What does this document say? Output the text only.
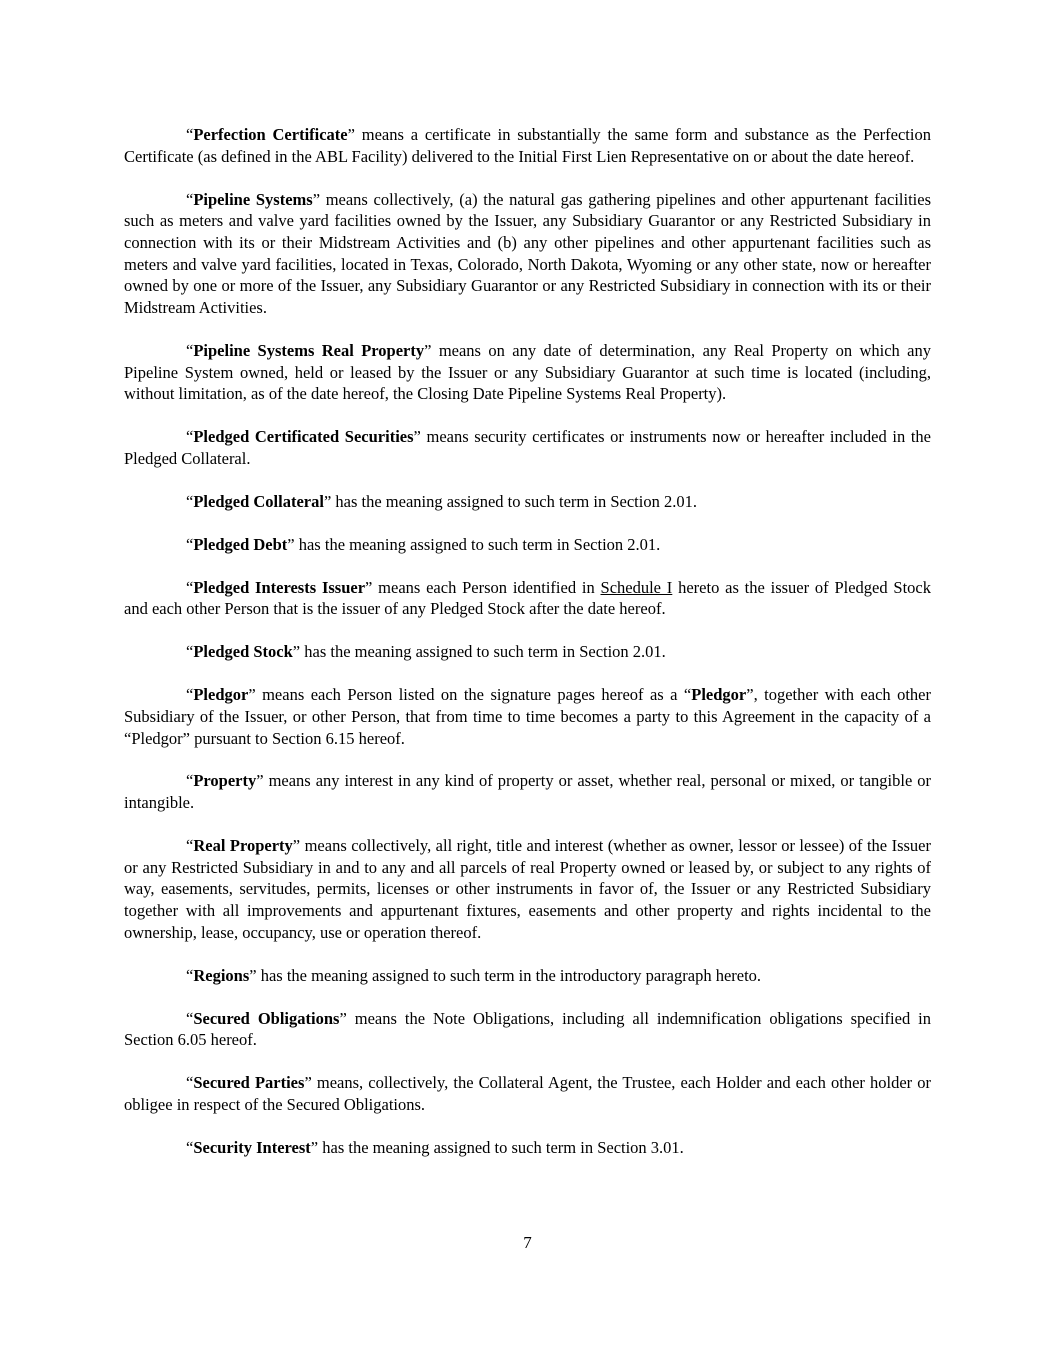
“Perfection Certificate” means a certificate in substantially the same form and substance as the Perfection Certificate (as defined in the ABL Facility) delivered to the Initial First Lien Representative on or about the date hereof.

“Pipeline Systems” means collectively, (a) the natural gas gathering pipelines and other appurtenant facilities such as meters and valve yard facilities owned by the Issuer, any Subsidiary Guarantor or any Restricted Subsidiary in connection with its or their Midstream Activities and (b) any other pipelines and other appurtenant facilities such as meters and valve yard facilities, located in Texas, Colorado, North Dakota, Wyoming or any other state, now or hereafter owned by one or more of the Issuer, any Subsidiary Guarantor or any Restricted Subsidiary in connection with its or their Midstream Activities.

“Pipeline Systems Real Property” means on any date of determination, any Real Property on which any Pipeline System owned, held or leased by the Issuer or any Subsidiary Guarantor at such time is located (including, without limitation, as of the date hereof, the Closing Date Pipeline Systems Real Property).

“Pledged Certificated Securities” means security certificates or instruments now or hereafter included in the Pledged Collateral.

“Pledged Collateral” has the meaning assigned to such term in Section 2.01.

“Pledged Debt” has the meaning assigned to such term in Section 2.01.

“Pledged Interests Issuer” means each Person identified in Schedule I hereto as the issuer of Pledged Stock and each other Person that is the issuer of any Pledged Stock after the date hereof.

“Pledged Stock” has the meaning assigned to such term in Section 2.01.

“Pledgor” means each Person listed on the signature pages hereof as a “Pledgor”, together with each other Subsidiary of the Issuer, or other Person, that from time to time becomes a party to this Agreement in the capacity of a “Pledgor” pursuant to Section 6.15 hereof.

“Property” means any interest in any kind of property or asset, whether real, personal or mixed, or tangible or intangible.

“Real Property” means collectively, all right, title and interest (whether as owner, lessor or lessee) of the Issuer or any Restricted Subsidiary in and to any and all parcels of real Property owned or leased by, or subject to any rights of way, easements, servitudes, permits, licenses or other instruments in favor of, the Issuer or any Restricted Subsidiary together with all improvements and appurtenant fixtures, easements and other property and rights incidental to the ownership, lease, occupancy, use or operation thereof.

“Regions” has the meaning assigned to such term in the introductory paragraph hereto.

“Secured Obligations” means the Note Obligations, including all indemnification obligations specified in Section 6.05 hereof.

“Secured Parties” means, collectively, the Collateral Agent, the Trustee, each Holder and each other holder or obligee in respect of the Secured Obligations.

“Security Interest” has the meaning assigned to such term in Section 3.01.

7
